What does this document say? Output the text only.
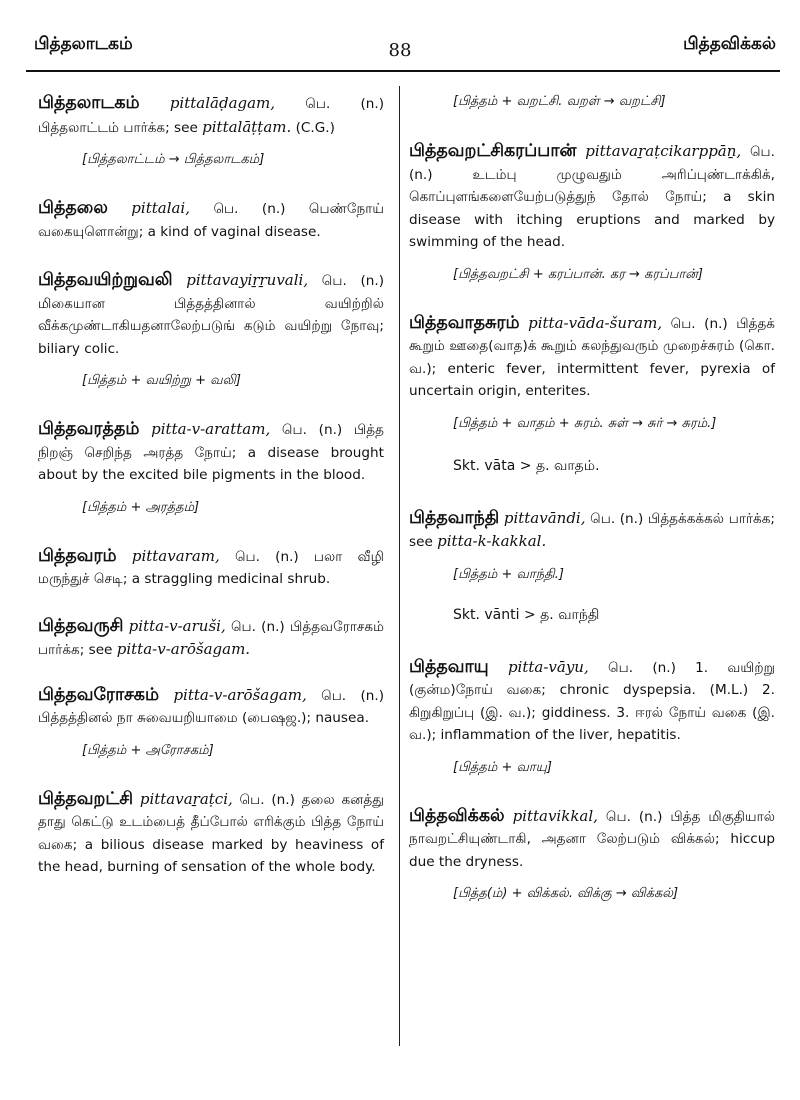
பித்தலாடகம்	88	பித்தவிக்கல்
பித்தலாடகம் pittalāḍagam, பெ. (n.) பித்தலாட்டம் பார்க்க; see pittalāṭṭam. (C.G.)
[பித்தலாட்டம் → பித்தலாடகம்]
பித்தலை pittalai, பெ. (n.) பெண்நோய் வகையுளொன்று; a kind of vaginal disease.
பித்தவயிற்றுவலி pittavayiṟṟuvali, பெ. (n.) மிகையான பித்தத்தினால் வயிற்றில் வீக்கமுண்டாகியதனாலேற்படுங் கடும் வயிற்று நோவு; biliary colic.
[பித்தம் + வயிற்று + வலி]
பித்தவரத்தம் pitta-v-arattam, பெ. (n.) பித்த நிறஞ் செறிந்த அரத்த நோய்; a disease brought about by the excited bile pigments in the blood.
[பித்தம் + அரத்தம்]
பித்தவரம் pittavaram, பெ. (n.) பலா வீழி மருந்துச் செடி; a straggling medicinal shrub.
பித்தவருசி pitta-v-aruši, பெ. (n.) பித்தவரோசகம் பார்க்க; see pitta-v-arōšagam.
பித்தவரோசகம் pitta-v-arōšagam, பெ. (n.) பித்தத்தினல் நா சுவையறியாமை (பைஷஜ.); nausea.
[பித்தம் + அரோசகம்]
பித்தவறட்சி pittavaṟaṭci, பெ. (n.) தலை கனத்து தாது கெட்டு உடம்பைத் தீப்போல் எரிக்கும் பித்த நோய் வகை; a bilious disease marked by heaviness of the head, burning of sensation of the whole body.
[பித்தம் + வறட்சி. வறள் → வறட்சி]
பித்தவறட்சிகரப்பான் pittavaṟaṭcikarppāṉ, பெ. (n.) உடம்பு முழுவதும் அரிப்புண்டாக்கிக், கொப்புளங்களையேற்படுத்துந் தோல் நோய்; a skin disease with itching eruptions and marked by swimming of the head.
[பித்தவறட்சி + கரப்பான். கர → கரப்பான்]
பித்தவாதசுரம் pitta-vāda-šuram, பெ. (n.) பித்தக் கூறும் ஊதை(வாத)க் கூறும் கலந்துவரும் முறைச்சுரம் (கொ. வ.); enteric fever, intermittent fever, pyrexia of uncertain origin, enterites.
[பித்தம் + வாதம் + சுரம். சுள் → சுர் → சுரம்.]
Skt. vāta > த. வாதம்.
பித்தவாந்தி pittavāndi, பெ. (n.) பித்தக்கக்கல் பார்க்க; see pitta-k-kakkal.
[பித்தம் + வாந்தி.]
Skt. vānti > த. வாந்தி
பித்தவாயு pitta-vāyu, பெ. (n.) 1. வயிற்று (குன்ம)நோய் வகை; chronic dyspepsia. (M.L.) 2. கிறுகிறுப்பு (இ. வ.); giddiness. 3. ஈரல் நோய் வகை (இ. வ.); inflammation of the liver, hepatitis.
[பித்தம் + வாயு]
பித்தவிக்கல் pittavikkal, பெ. (n.) பித்த மிகுதியால் நாவறட்சியுண்டாகி, அதனா லேற்படும் விக்கல்; hiccup due the dryness.
[பித்த(ம்) + விக்கல். விக்கு → விக்கல்]
